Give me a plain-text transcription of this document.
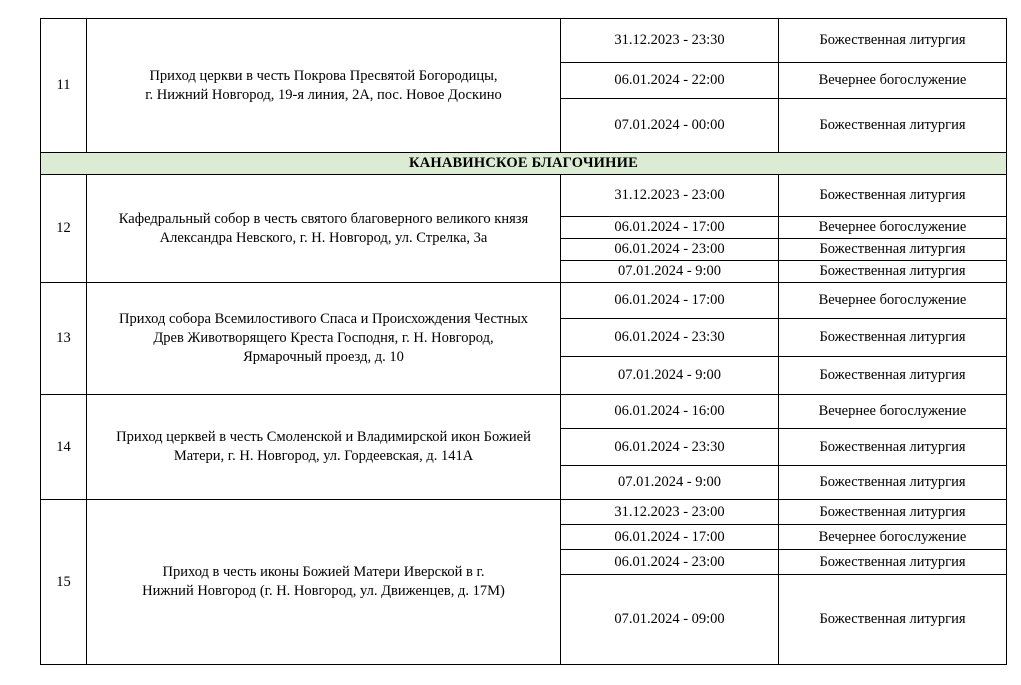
11	Приход церкви в честь Покрова Пресвятой Богородицы,
г. Нижний Новгород, 19-я линия, 2А, пос. Новое Доскино	31.12.2023 - 23:30	Божественная литургия
		06.01.2024 - 22:00	Вечернее богослужение
		07.01.2024 - 00:00	Божественная литургия
КАНАВИНСКОЕ БЛАГОЧИНИЕ			
12	Кафедральный собор в честь святого благоверного великого князя
Александра Невского, г. Н. Новгород, ул. Стрелка, 3а	31.12.2023 - 23:00	Божественная литургия
		06.01.2024 - 17:00	Вечернее богослужение
		06.01.2024 - 23:00	Божественная литургия
		07.01.2024 - 9:00	Божественная литургия
13	Приход собора Всемилостивого Спаса и Происхождения Честных
Древ Животворящего Креста Господня, г. Н. Новгород,
Ярмарочный проезд, д. 10	06.01.2024 - 17:00	Вечернее богослужение
		06.01.2024 - 23:30	Божественная литургия
		07.01.2024 - 9:00	Божественная литургия
14	Приход церквей в честь Смоленской и Владимирской икон Божией
Матери, г. Н. Новгород, ул. Гордеевская, д. 141А	06.01.2024 - 16:00	Вечернее богослужение
		06.01.2024 - 23:30	Божественная литургия
		07.01.2024 - 9:00	Божественная литургия
15	Приход в честь иконы Божией Матери Иверской в г.
Нижний Новгород (г. Н. Новгород, ул. Движенцев, д. 17М)	31.12.2023 - 23:00	Божественная литургия
		06.01.2024 - 17:00	Вечернее богослужение
		06.01.2024 - 23:00	Божественная литургия
		07.01.2024 - 09:00	Божественная литургия
